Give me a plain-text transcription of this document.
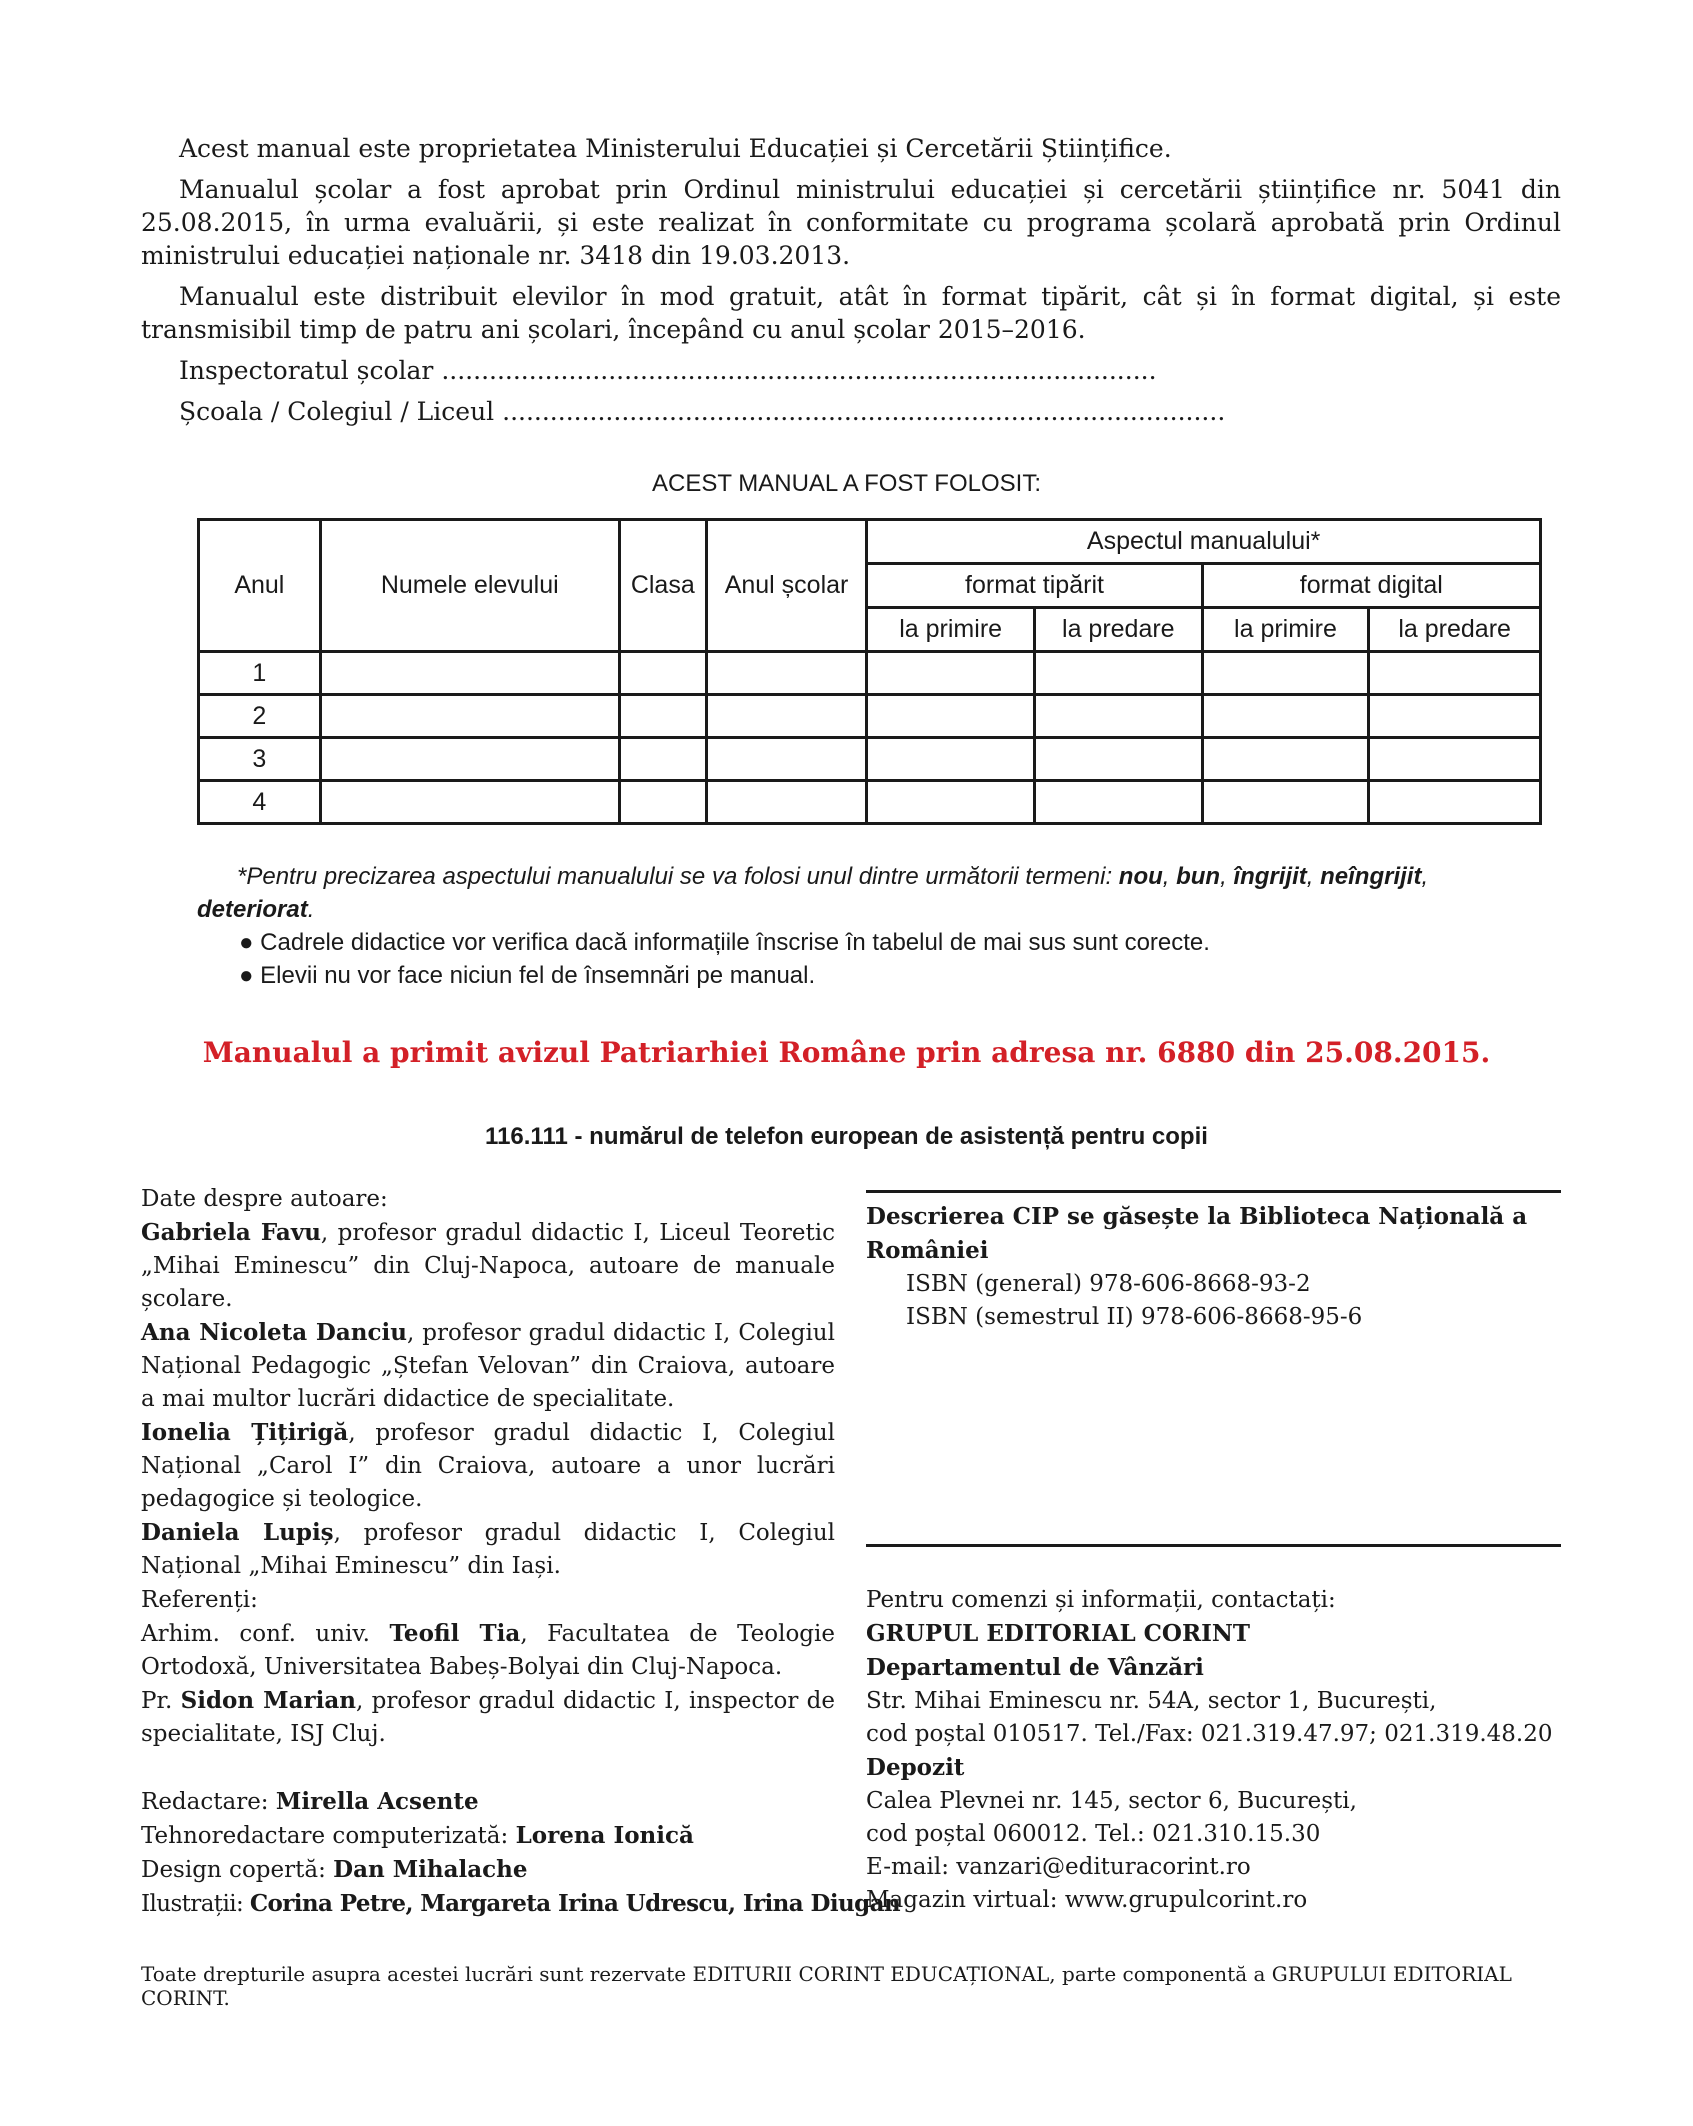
Acest manual este proprietatea Ministerului Educației și Cercetării Științifice.

Manualul școlar a fost aprobat prin Ordinul ministrului educației și cercetării științifice nr. 5041 din 25.08.2015, în urma evaluării, și este realizat în conformitate cu programa școlară aprobată prin Ordinul ministrului educației naționale nr. 3418 din 19.03.2013.

Manualul este distribuit elevilor în mod gratuit, atât în format tipărit, cât și în format digital, și este transmisibil timp de patru ani școlari, începând cu anul școlar 2015–2016.

Inspectoratul școlar ..........................................................................................

Școala / Colegiul / Liceul ...........................................................................................

ACEST MANUAL A FOST FOLOSIT:
Anul	Numele elevului	Clasa	Anul școlar	Aspectul manualului*			
				format tipărit		format digital	
				la primire	la predare	la primire	la predare
1							
2							
3							
4							

*Pentru precizarea aspectului manualului se va folosi unul dintre următorii termeni: nou, bun, îngrijit, neîngrijit, deteriorat.

● Cadrele didactice vor verifica dacă informațiile înscrise în tabelul de mai sus sunt corecte.

● Elevii nu vor face niciun fel de însemnări pe manual.

Manualul a primit avizul Patriarhiei Române prin adresa nr. 6880 din 25.08.2015.
116.111 - numărul de telefon european de asistență pentru copii

Date despre autoare:

Gabriela Favu, profesor gradul didactic I, Liceul Teoretic „Mihai Eminescu” din Cluj-Napoca, autoare de manuale școlare.

Ana Nicoleta Danciu, profesor gradul didactic I, Colegiul Național Pedagogic „Ștefan Velovan” din Craiova, autoare a mai multor lucrări didactice de specialitate.

Ionelia Țițirigă, profesor gradul didactic I, Colegiul Național „Carol I” din Craiova, autoare a unor lucrări pedagogice și teologice.

Daniela Lupiș, profesor gradul didactic I, Colegiul Național „Mihai Eminescu” din Iași.

Descrierea CIP se găsește la Biblioteca Națională a României

ISBN (general) 978-606-8668-93-2

ISBN (semestrul II) 978-606-8668-95-6

Referenți:

Arhim. conf. univ. Teofil Tia, Facultatea de Teologie Ortodoxă, Universitatea Babeș-Bolyai din Cluj-Napoca.

Pr. Sidon Marian, profesor gradul didactic I, inspector de specialitate, ISJ Cluj.

Redactare: Mirella Acsente

Tehnoredactare computerizată: Lorena Ionică

Design copertă: Dan Mihalache

Ilustrații: Corina Petre, Margareta Irina Udrescu, Irina Diugan

Pentru comenzi și informații, contactați:

GRUPUL EDITORIAL CORINT

Departamentul de Vânzări

Str. Mihai Eminescu nr. 54A, sector 1, București,

cod poștal 010517. Tel./Fax: 021.319.47.97; 021.319.48.20

Depozit

Calea Plevnei nr. 145, sector 6, București,

cod poștal 060012. Tel.: 021.310.15.30

E-mail: vanzari@edituracorint.ro

Magazin virtual: www.grupulcorint.ro

Toate drepturile asupra acestei lucrări sunt rezervate EDITURII CORINT EDUCAȚIONAL, parte componentă a GRUPULUI EDITORIAL CORINT.
